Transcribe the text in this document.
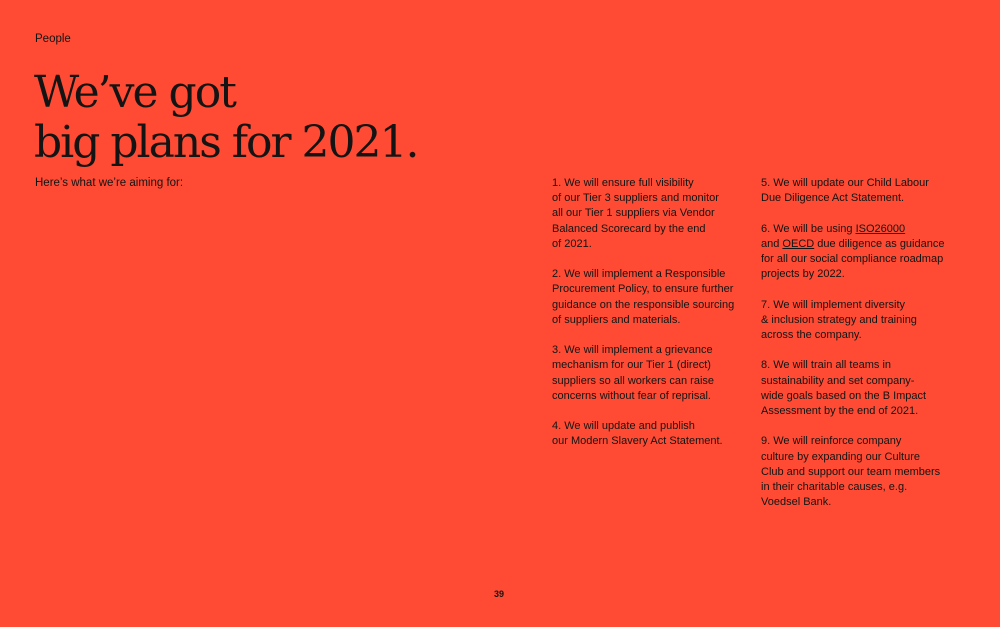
People
We’ve got
big plans for 2021.
Here’s what we’re aiming for:	1. We will ensure full visibility
of our Tier 3 suppliers and monitor
all our Tier 1 suppliers via Vendor
Balanced Scorecard by the end
of 2021.

2. We will implement a Responsible
Procurement Policy, to ensure further
guidance on the responsible sourcing
of suppliers and materials.

3. We will implement a grievance
mechanism for our Tier 1 (direct)
suppliers so all workers can raise
concerns without fear of reprisal.

4. We will update and publish
our Modern Slavery Act Statement.

5. We will update our Child Labour
Due Diligence Act Statement.

6. We will be using ISO26000
and OECD due diligence as guidance
for all our social compliance roadmap
projects by 2022.

7. We will implement diversity
& inclusion strategy and training
across the company.

8. We will train all teams in
sustainability and set company-
wide goals based on the B Impact
Assessment by the end of 2021.

9. We will reinforce company
culture by expanding our Culture
Club and support our team members
in their charitable causes, e.g.
Voedsel Bank.

39
